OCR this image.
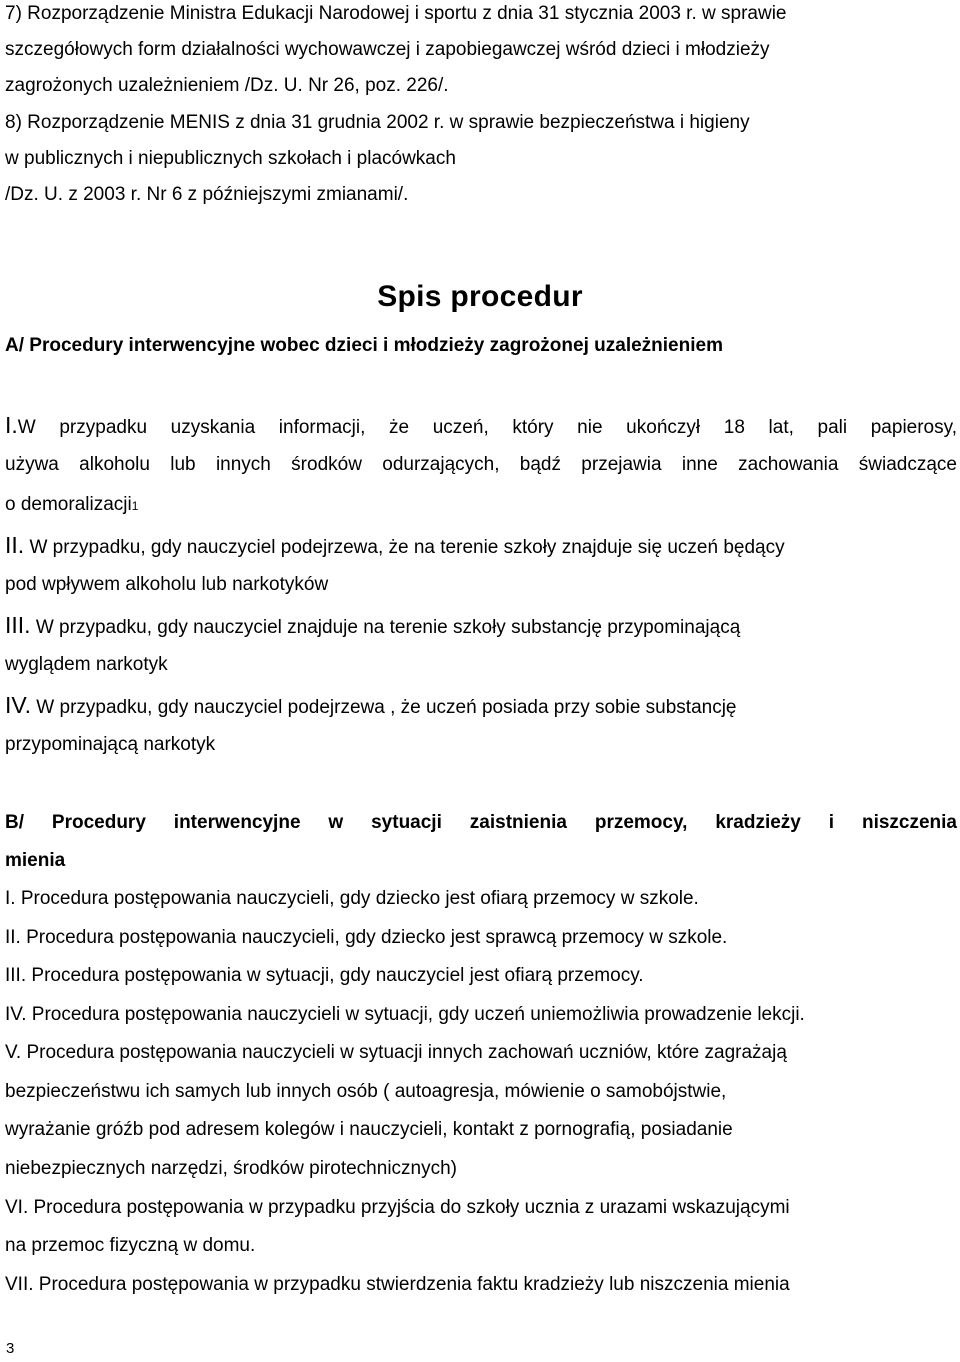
7) Rozporządzenie Ministra Edukacji Narodowej i sportu z dnia 31 stycznia 2003 r. w sprawie
szczegółowych form działalności wychowawczej i zapobiegawczej wśród dzieci i młodzieży
zagrożonych uzależnieniem /Dz. U. Nr 26, poz. 226/.
8) Rozporządzenie MENIS z dnia 31 grudnia 2002 r. w sprawie bezpieczeństwa i higieny
w publicznych i niepublicznych szkołach i placówkach
/Dz. U. z 2003 r. Nr 6 z późniejszymi zmianami/.
Spis procedur
A/ Procedury interwencyjne wobec dzieci i młodzieży zagrożonej uzależnieniem
I.W przypadku uzyskania informacji, że uczeń, który nie ukończył 18 lat, pali papierosy,
używa alkoholu lub innych środków odurzających, bądź przejawia inne zachowania świadczące
o demoralizacji1
II. W przypadku, gdy nauczyciel podejrzewa, że na terenie szkoły znajduje się uczeń będący
pod wpływem alkoholu lub narkotyków
III. W przypadku, gdy nauczyciel znajduje na terenie szkoły substancję przypominającą
wyglądem narkotyk
IV. W przypadku, gdy nauczyciel podejrzewa , że uczeń posiada przy sobie substancję
przypominającą narkotyk
B/ Procedury interwencyjne w sytuacji zaistnienia przemocy, kradzieży i niszczenia
mienia
I. Procedura postępowania nauczycieli, gdy dziecko jest ofiarą przemocy w szkole.
II. Procedura postępowania nauczycieli, gdy dziecko jest sprawcą przemocy w szkole.
III. Procedura postępowania w sytuacji, gdy nauczyciel jest ofiarą przemocy.
IV. Procedura postępowania nauczycieli w sytuacji, gdy uczeń uniemożliwia prowadzenie lekcji.
V. Procedura postępowania nauczycieli w sytuacji innych zachowań uczniów, które zagrażają
bezpieczeństwu ich samych lub innych osób ( autoagresja, mówienie o samobójstwie,
wyrażanie gróźb pod adresem kolegów i nauczycieli, kontakt z pornografią, posiadanie
niebezpiecznych narzędzi, środków pirotechnicznych)
VI. Procedura postępowania w przypadku przyjścia do szkoły ucznia z urazami wskazującymi
na przemoc fizyczną w domu.
VII. Procedura postępowania w przypadku stwierdzenia faktu kradzieży lub niszczenia mienia
3
